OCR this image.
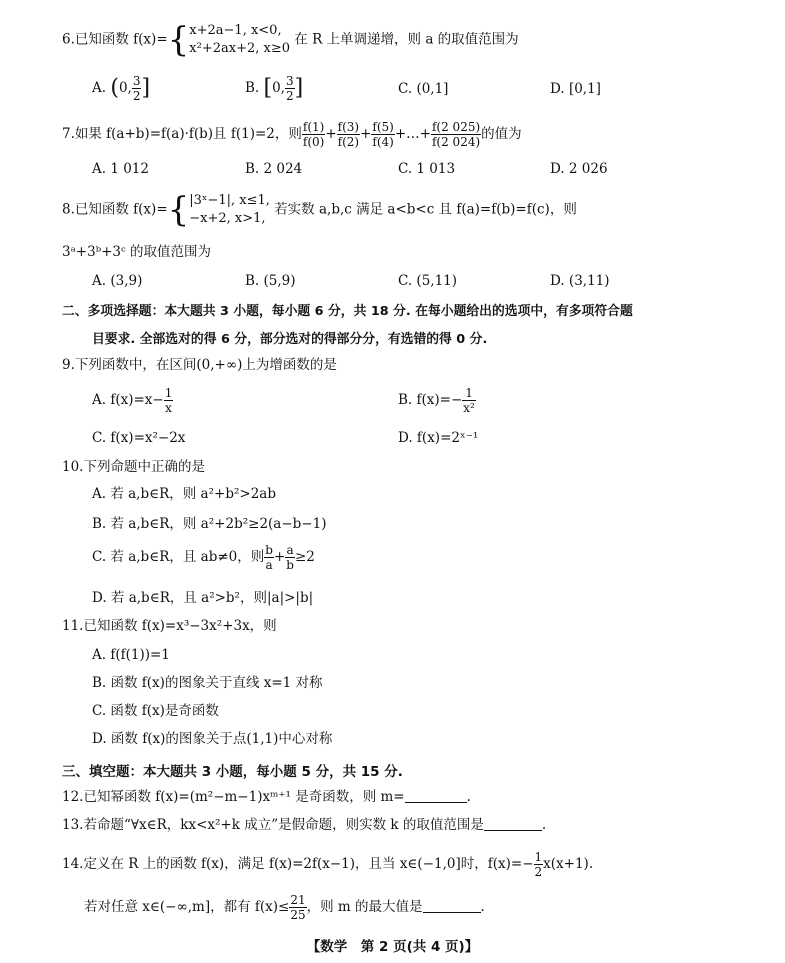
6.已知函数 f(x)={ x+2a−1, x<0,
x²+2ax+2, x≥0
在 R 上单调递增，则 a 的取值范围为
A. (0, $\frac{3}{2}$ ]	B. [0, $\frac{3}{2}$ ]	C. (0,1]	D. [0,1]
7.如果 f(a+b)=f(a)·f(b)且 f(1)=2，则 $\frac{f(1)}{f(0)} + \frac{f(3)}{f(2)} + \frac{f(5)}{f(4)}$ +…+ $\frac{f(2 025)}{f(2 024)}$ 的值为
A. 1 012	B. 2 024	C. 1 013	D. 2 026
8.已知函数 f(x)={ |3ˣ−1|, x≤1,
−x+2, x>1,
若实数 a,b,c 满足 a<b<c 且 f(a)=f(b)=f(c)，则
3ᵃ+3ᵇ+3ᶜ 的取值范围为
A. (3,9)	B. (5,9)	C. (5,11)	D. (3,11)
二、多项选择题：本大题共 3 小题，每小题 6 分，共 18 分. 在每小题给出的选项中，有多项符合题
目要求. 全部选对的得 6 分，部分选对的得部分分，有选错的得 0 分.
9.下列函数中，在区间(0,+∞)上为增函数的是
A. $f(x)=x- \frac{1}{x}$	B. $f(x)=- \frac{1}{\text{x²}}$
C. f(x)=x²−2x	D. f(x)=2ˣ⁻¹
10.下列命题中正确的是
A. 若 a,b∈R，则 a²+b²>2ab
B. 若 a,b∈R，则 a²+2b²≥2(a−b−1)
C. 若 a,b∈R，且 ab≠0，则 $\frac{b}{a} + \frac{a}{b} \ge 2$
D. 若 a,b∈R，且 a²>b²，则|a|>|b|
11.已知函数 f(x)=x³−3x²+3x，则
A. f(f(1))=1
B. 函数 f(x)的图象关于直线 x=1 对称
C. 函数 f(x)是奇函数
D. 函数 f(x)的图象关于点(1,1)中心对称
三、填空题：本大题共 3 小题，每小题 5 分，共 15 分.
12.已知幂函数 f(x)=(m²−m−1)xᵐ⁺¹ 是奇函数，则 m=	.
13.若命题“∀x∈R，kx<x²+k 成立”是假命题，则实数 k 的取值范围是	.
14.定义在 R 上的函数 f(x)，满足 f(x)=2f(x−1)，且当 x∈(−1,0]时，$f(x)=- \frac{1}{2} x(x+1)$.
若对任意 x∈(−∞,m]，都有 $f(x)\le \frac{21}{25}$ ，则 m 的最大值是	.
【数学　第 2 页(共 4 页)】
